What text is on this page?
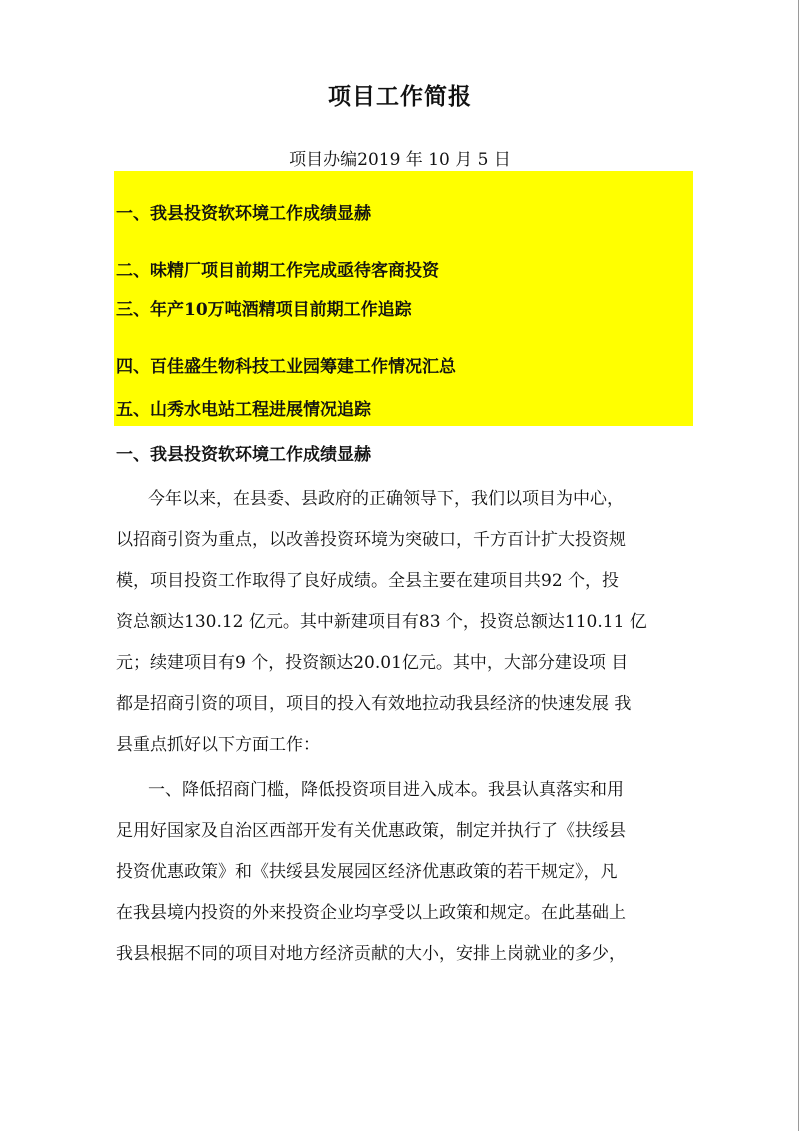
项目工作简报
项目办编2019 年 10 月 5 日
一、我县投资软环境工作成绩显赫
二、味精厂项目前期工作完成亟待客商投资
三、年产10万吨酒精项目前期工作追踪
四、百佳盛生物科技工业园筹建工作情况汇总
五、山秀水电站工程进展情况追踪
一、我县投资软环境工作成绩显赫
今年以来，在县委、县政府的正确领导下，我们以项目为中心，
以招商引资为重点，以改善投资环境为突破口，千方百计扩大投资规
模，项目投资工作取得了良好成绩。全县主要在建项目共92 个，投
资总额达130.12 亿元。其中新建项目有83 个，投资总额达110.11 亿
元；续建项目有9 个，投资额达20.01亿元。其中，大部分建设项 目
都是招商引资的项目，项目的投入有效地拉动我县经济的快速发展 我
县重点抓好以下方面工作：
一、降低招商门槛，降低投资项目进入成本。我县认真落实和用
足用好国家及自治区西部开发有关优惠政策，制定并执行了《扶绥县
投资优惠政策》和《扶绥县发展园区经济优惠政策的若干规定》，凡
在我县境内投资的外来投资企业均享受以上政策和规定。在此基础上
我县根据不同的项目对地方经济贡献的大小，安排上岗就业的多少，
